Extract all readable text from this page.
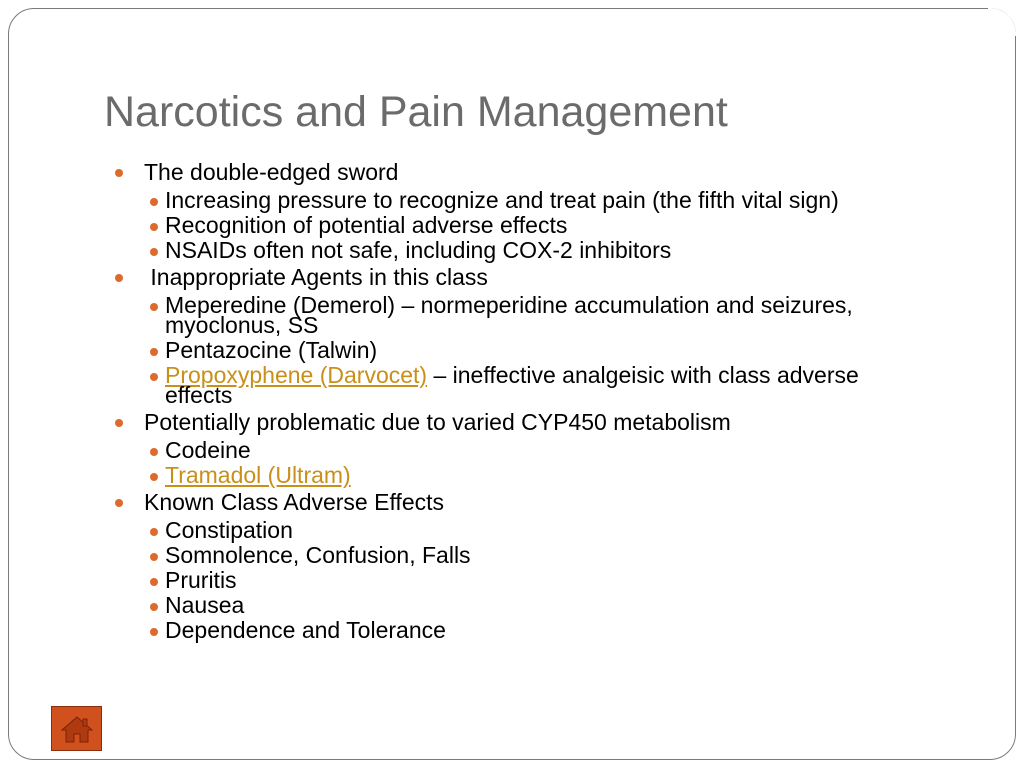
Narcotics and Pain Management
The double-edged sword
Increasing pressure to recognize and treat pain (the fifth vital sign)
Recognition of potential adverse effects
NSAIDs often not safe, including COX-2 inhibitors
Inappropriate Agents in this class
Meperedine (Demerol) – normeperidine accumulation and seizures, myoclonus, SS
Pentazocine (Talwin)
Propoxyphene (Darvocet) – ineffective analgeisic with class adverse effects
Potentially problematic due to varied CYP450 metabolism
Codeine
Tramadol (Ultram)
Known Class Adverse Effects
Constipation
Somnolence, Confusion, Falls
Pruritis
Nausea
Dependence and Tolerance
